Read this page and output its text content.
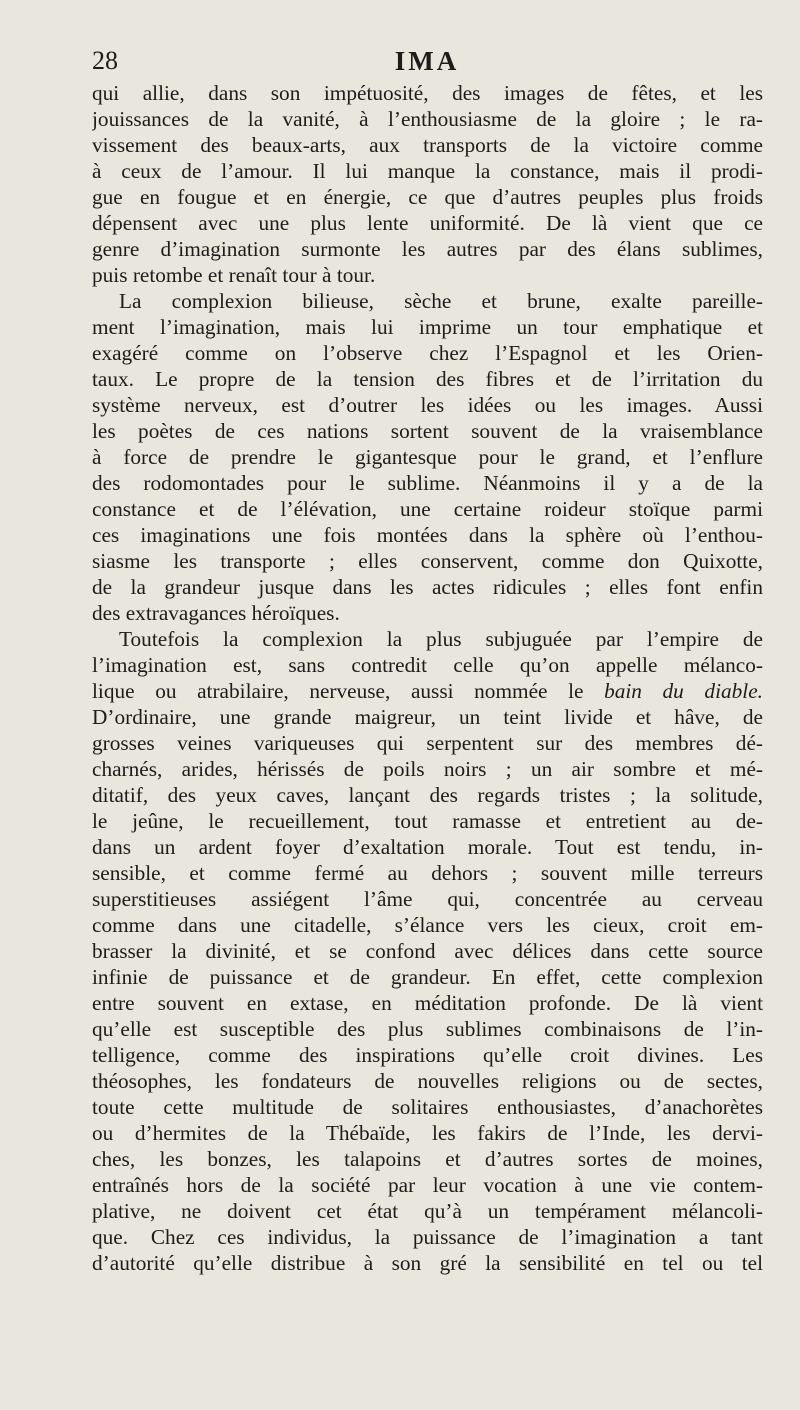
28	IMA
qui allie, dans son impétuosité, des images de fêtes, et les
jouissances de la vanité, à l’enthousiasme de la gloire ; le ra-
vissement des beaux-arts, aux transports de la victoire comme
à ceux de l’amour. Il lui manque la constance, mais il prodi-
gue en fougue et en énergie, ce que d’autres peuples plus froids
dépensent avec une plus lente uniformité. De là vient que ce
genre d’imagination surmonte les autres par des élans sublimes,
puis retombe et renaît tour à tour.
La complexion bilieuse, sèche et brune, exalte pareille-
ment l’imagination, mais lui imprime un tour emphatique et
exagéré comme on l’observe chez l’Espagnol et les Orien-
taux. Le propre de la tension des fibres et de l’irritation du
système nerveux, est d’outrer les idées ou les images. Aussi
les poètes de ces nations sortent souvent de la vraisemblance
à force de prendre le gigantesque pour le grand, et l’enflure
des rodomontades pour le sublime. Néanmoins il y a de la
constance et de l’élévation, une certaine roideur stoïque parmi
ces imaginations une fois montées dans la sphère où l’enthou-
siasme les transporte ; elles conservent, comme don Quixotte,
de la grandeur jusque dans les actes ridicules ; elles font enfin
des extravagances héroïques.
Toutefois la complexion la plus subjuguée par l’empire de
l’imagination est, sans contredit celle qu’on appelle mélanco-
lique ou atrabilaire, nerveuse, aussi nommée le bain du diable.
D’ordinaire, une grande maigreur, un teint livide et hâve, de
grosses veines variqueuses qui serpentent sur des membres dé-
charnés, arides, hérissés de poils noirs ; un air sombre et mé-
ditatif, des yeux caves, lançant des regards tristes ; la solitude,
le jeûne, le recueillement, tout ramasse et entretient au de-
dans un ardent foyer d’exaltation morale. Tout est tendu, in-
sensible, et comme fermé au dehors ; souvent mille terreurs
superstitieuses assiégent l’âme qui, concentrée au cerveau
comme dans une citadelle, s’élance vers les cieux, croit em-
brasser la divinité, et se confond avec délices dans cette source
infinie de puissance et de grandeur. En effet, cette complexion
entre souvent en extase, en méditation profonde. De là vient
qu’elle est susceptible des plus sublimes combinaisons de l’in-
telligence, comme des inspirations qu’elle croit divines. Les
théosophes, les fondateurs de nouvelles religions ou de sectes,
toute cette multitude de solitaires enthousiastes, d’anachorètes
ou d’hermites de la Thébaïde, les fakirs de l’Inde, les dervi-
ches, les bonzes, les talapoins et d’autres sortes de moines,
entraînés hors de la société par leur vocation à une vie contem-
plative, ne doivent cet état qu’à un tempérament mélancoli-
que. Chez ces individus, la puissance de l’imagination a tant
d’autorité qu’elle distribue à son gré la sensibilité en tel ou tel
